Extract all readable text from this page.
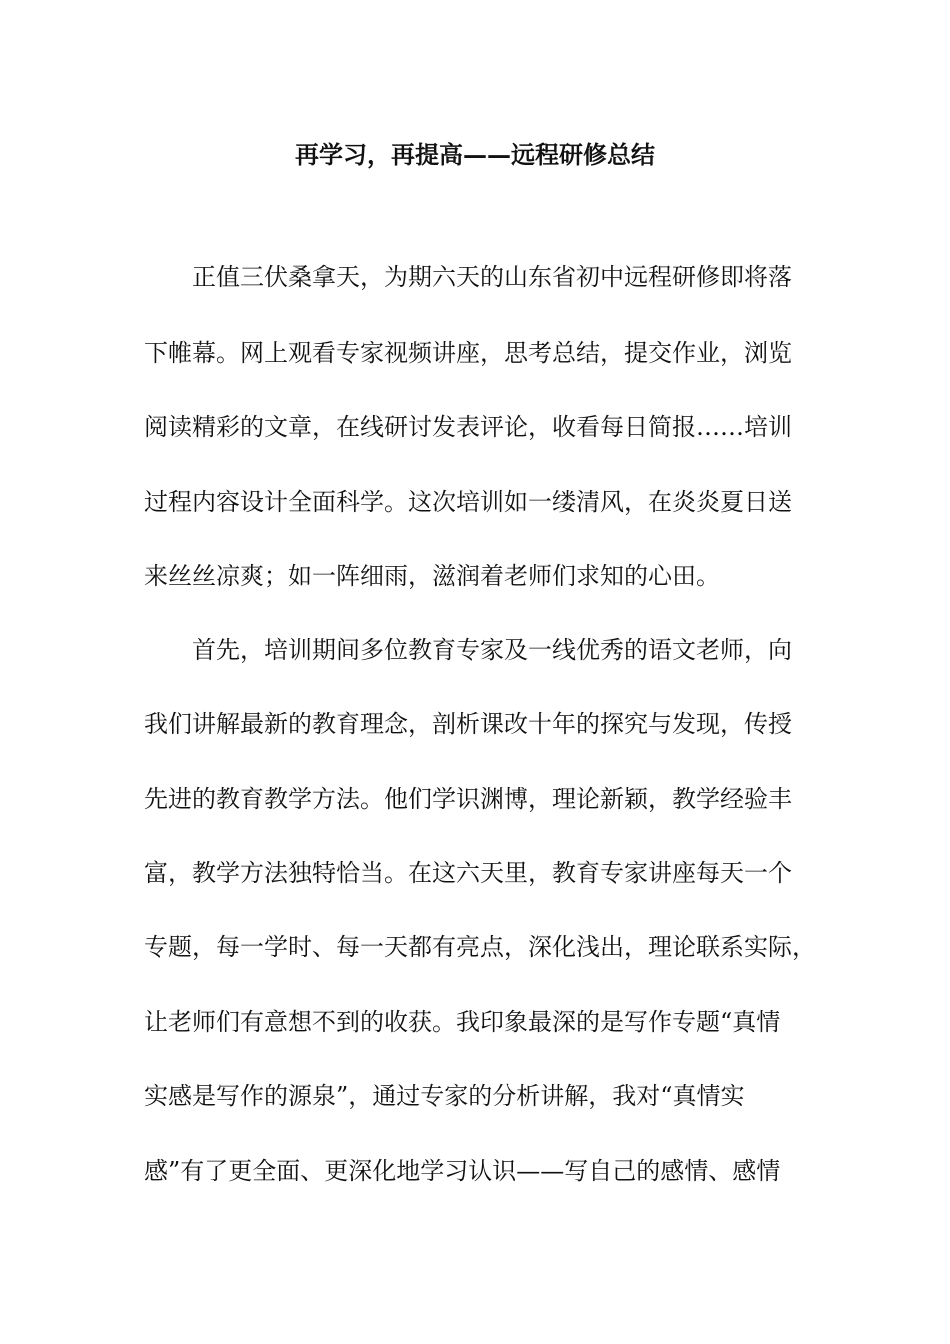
再学习，再提高——远程研修总结
正值三伏桑拿天，为期六天的山东省初中远程研修即将落
下帷幕。网上观看专家视频讲座，思考总结，提交作业，浏览
阅读精彩的文章，在线研讨发表评论，收看每日简报……培训
过程内容设计全面科学。这次培训如一缕清风，在炎炎夏日送
来丝丝凉爽；如一阵细雨，滋润着老师们求知的心田。
首先，培训期间多位教育专家及一线优秀的语文老师，向
我们讲解最新的教育理念，剖析课改十年的探究与发现，传授
先进的教育教学方法。他们学识渊博，理论新颖，教学经验丰
富，教学方法独特恰当。在这六天里，教育专家讲座每天一个
专题，每一学时、每一天都有亮点，深化浅出，理论联系实际，
让老师们有意想不到的收获。我印象最深的是写作专题“真情
实感是写作的源泉”，通过专家的分析讲解，我对“真情实
感”有了更全面、更深化地学习认识——写自己的感情、感情
